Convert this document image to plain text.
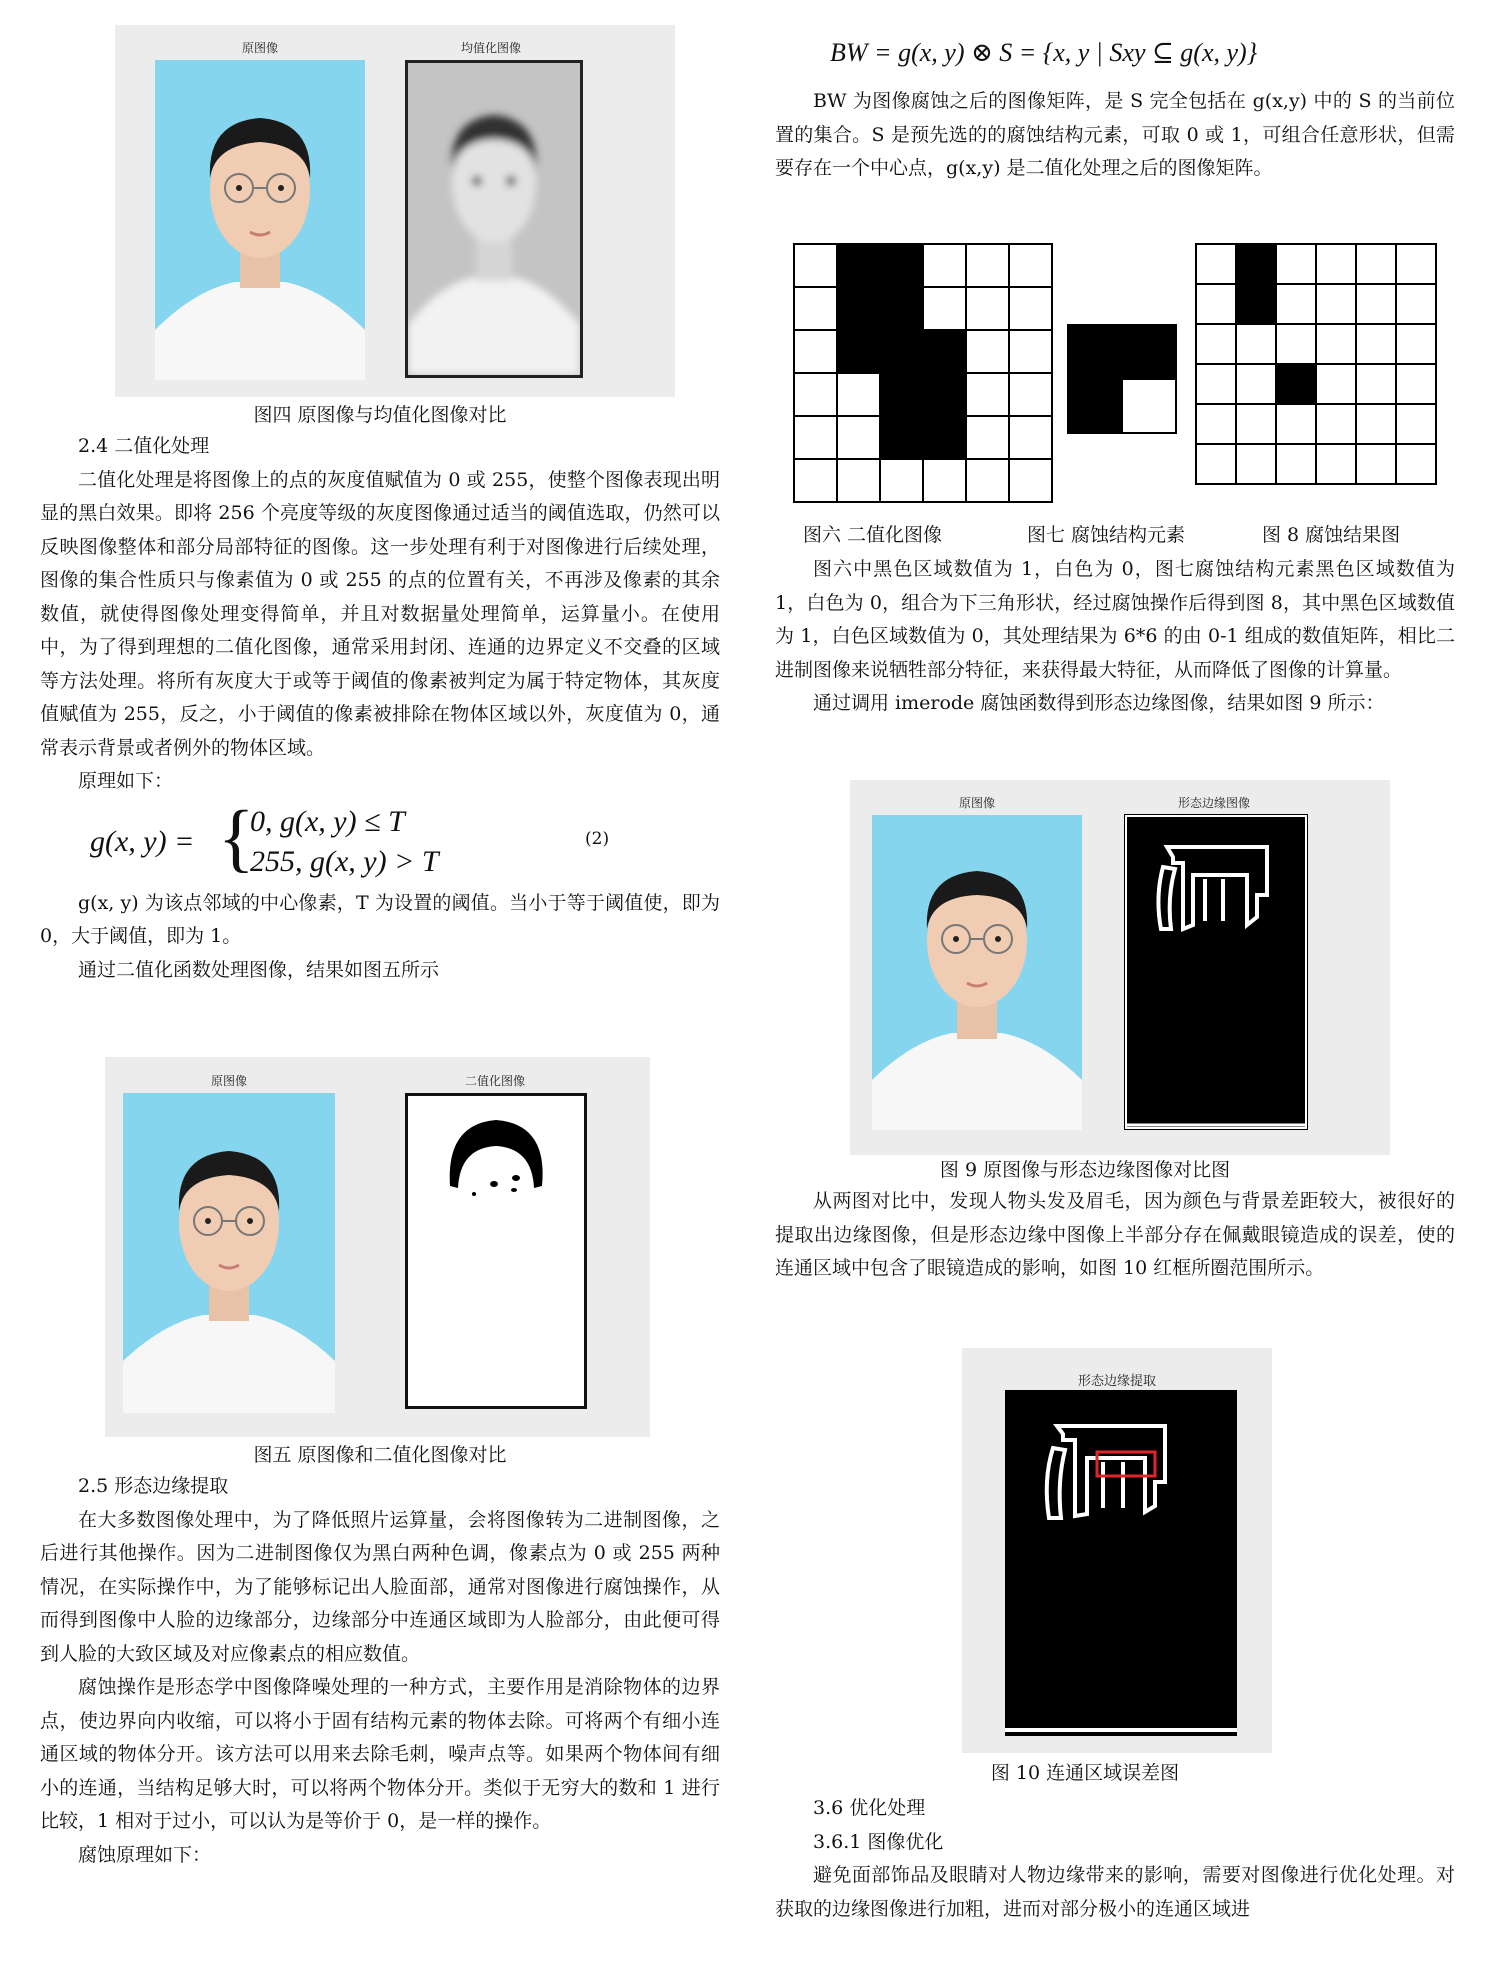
原图像	均值化图像

图四 原图像与均值化图像对比

2.4 二值化处理

二值化处理是将图像上的点的灰度值赋值为 0 或 255，使整个图像表现出明显的黑白效果。即将 256 个亮度等级的灰度图像通过适当的阈值选取，仍然可以反映图像整体和部分局部特征的图像。这一步处理有利于对图像进行后续处理，图像的集合性质只与像素值为 0 或 255 的点的位置有关，不再涉及像素的其余数值，就使得图像处理变得简单，并且对数据量处理简单，运算量小。在使用中，为了得到理想的二值化图像，通常采用封闭、连通的边界定义不交叠的区域等方法处理。将所有灰度大于或等于阈值的像素被判定为属于特定物体，其灰度值赋值为 255，反之，小于阈值的像素被排除在物体区域以外，灰度值为 0，通常表示背景或者例外的物体区域。

原理如下：

g(x, y) = {
0, g(x, y) ≤ T
255, g(x, y) > T
(2)

g(x, y) 为该点邻域的中心像素，T 为设置的阈值。当小于等于阈值使，即为 0，大于阈值，即为 1。

通过二值化函数处理图像，结果如图五所示

原图像	二值化图像

图五 原图像和二值化图像对比

2.5 形态边缘提取

在大多数图像处理中，为了降低照片运算量，会将图像转为二进制图像，之后进行其他操作。因为二进制图像仅为黑白两种色调，像素点为 0 或 255 两种情况，在实际操作中，为了能够标记出人脸面部，通常对图像进行腐蚀操作，从而得到图像中人脸的边缘部分，边缘部分中连通区域即为人脸部分，由此便可得到人脸的大致区域及对应像素点的相应数值。

腐蚀操作是形态学中图像降噪处理的一种方式，主要作用是消除物体的边界点，使边界向内收缩，可以将小于固有结构元素的物体去除。可将两个有细小连通区域的物体分开。该方法可以用来去除毛刺，噪声点等。如果两个物体间有细小的连通，当结构足够大时，可以将两个物体分开。类似于无穷大的数和 1 进行比较，1 相对于过小，可以认为是等价于 0，是一样的操作。

腐蚀原理如下：

BW = g(x, y) ⊗ S = {x, y | Sxy ⊆ g(x, y)}

BW 为图像腐蚀之后的图像矩阵，是 S 完全包括在 g(x,y) 中的 S 的当前位置的集合。S 是预先选的的腐蚀结构元素，可取 0 或 1，可组合任意形状，但需要存在一个中心点，g(x,y) 是二值化处理之后的图像矩阵。

图六 二值化图像	图七 腐蚀结构元素	图 8 腐蚀结果图

图六中黑色区域数值为 1，白色为 0，图七腐蚀结构元素黑色区域数值为 1，白色为 0，组合为下三角形状，经过腐蚀操作后得到图 8，其中黑色区域数值为 1，白色区域数值为 0，其处理结果为 6*6 的由 0-1 组成的数值矩阵，相比二进制图像来说牺牲部分特征，来获得最大特征，从而降低了图像的计算量。

通过调用 imerode 腐蚀函数得到形态边缘图像，结果如图 9 所示：

原图像	形态边缘图像

图 9 原图像与形态边缘图像对比图

从两图对比中，发现人物头发及眉毛，因为颜色与背景差距较大，被很好的提取出边缘图像，但是形态边缘中图像上半部分存在佩戴眼镜造成的误差，使的连通区域中包含了眼镜造成的影响，如图 10 红框所圈范围所示。

形态边缘提取

图 10 连通区域误差图

3.6 优化处理

3.6.1 图像优化

避免面部饰品及眼睛对人物边缘带来的影响，需要对图像进行优化处理。对获取的边缘图像进行加粗，进而对部分极小的连通区域进
